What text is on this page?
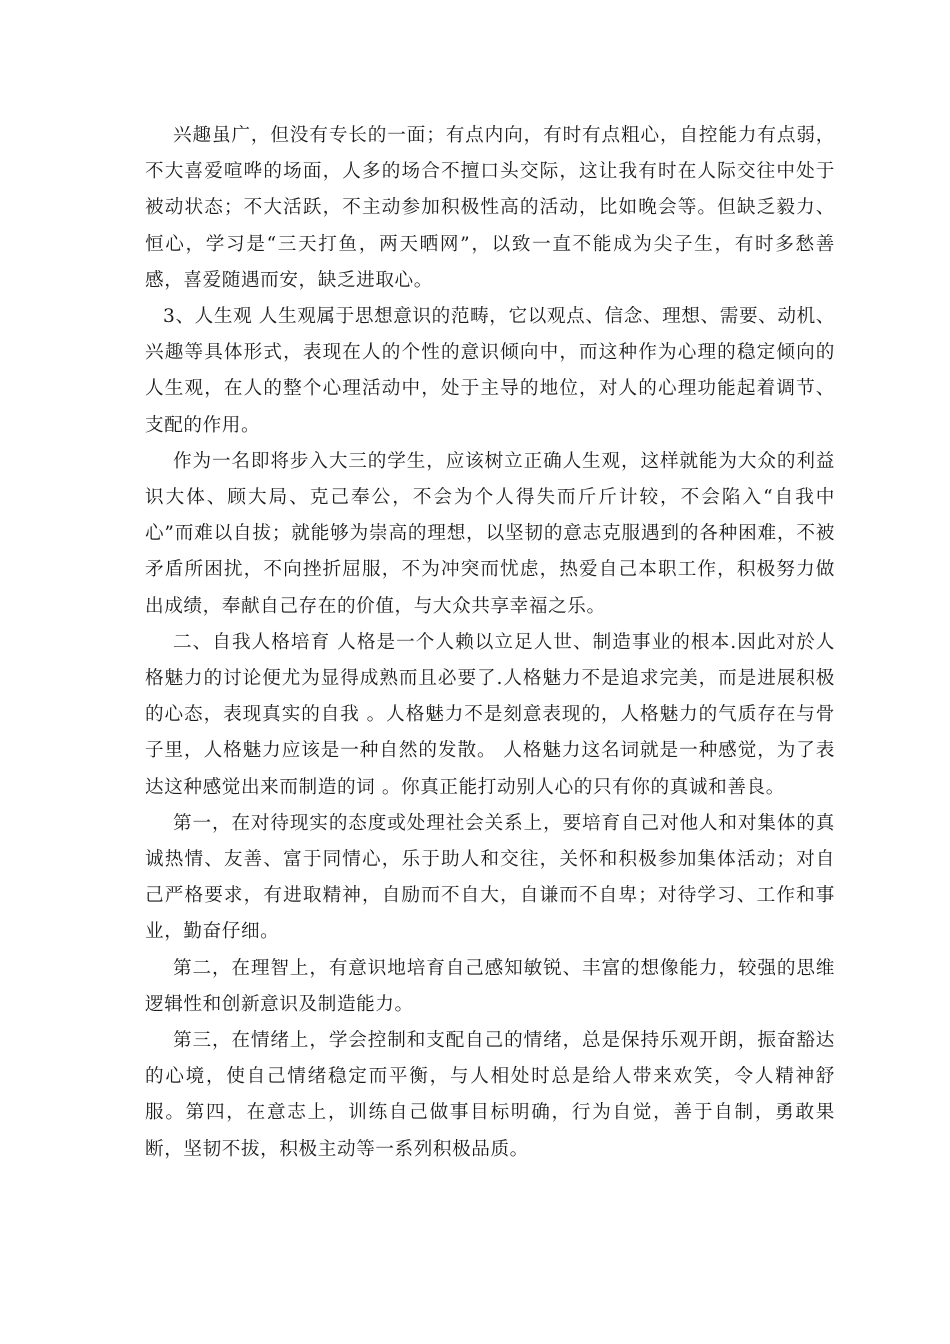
兴趣虽广，但没有专长的一面；有点内向，有时有点粗心，自控能力有点弱，不大喜爱喧哗的场面，人多的场合不擅口头交际，这让我有时在人际交往中处于被动状态；不大活跃，不主动参加积极性高的活动，比如晚会等。但缺乏毅力、恒心，学习是“三天打鱼，两天晒网”，以致一直不能成为尖子生，有时多愁善感，喜爱随遇而安，缺乏进取心。

3、人生观 人生观属于思想意识的范畴，它以观点、信念、理想、需要、动机、兴趣等具体形式，表现在人的个性的意识倾向中，而这种作为心理的稳定倾向的人生观，在人的整个心理活动中，处于主导的地位，对人的心理功能起着调节、支配的作用。

作为一名即将步入大三的学生，应该树立正确人生观，这样就能为大众的利益识大体、顾大局、克己奉公，不会为个人得失而斤斤计较，不会陷入“自我中心”而难以自拔；就能够为崇高的理想，以坚韧的意志克服遇到的各种困难，不被矛盾所困扰，不向挫折屈服，不为冲突而忧虑，热爱自己本职工作，积极努力做出成绩，奉献自己存在的价值，与大众共享幸福之乐。

二、自我人格培育 人格是一个人赖以立足人世、制造事业的根本.因此对於人格魅力的讨论便尤为显得成熟而且必要了.人格魅力不是追求完美，而是进展积极的心态，表现真实的自我 。人格魅力不是刻意表现的，人格魅力的气质存在与骨子里，人格魅力应该是一种自然的发散。 人格魅力这名词就是一种感觉，为了表达这种感觉出来而制造的词 。你真正能打动别人心的只有你的真诚和善良。

第一，在对待现实的态度或处理社会关系上，要培育自己对他人和对集体的真诚热情、友善、富于同情心，乐于助人和交往，关怀和积极参加集体活动；对自己严格要求，有进取精神，自励而不自大，自谦而不自卑；对待学习、工作和事业，勤奋仔细。

第二，在理智上，有意识地培育自己感知敏锐、丰富的想像能力，较强的思维逻辑性和创新意识及制造能力。

第三，在情绪上，学会控制和支配自己的情绪，总是保持乐观开朗，振奋豁达的心境，使自己情绪稳定而平衡，与人相处时总是给人带来欢笑，令人精神舒服。第四，在意志上，训练自己做事目标明确，行为自觉，善于自制，勇敢果断，坚韧不拔，积极主动等一系列积极品质。
